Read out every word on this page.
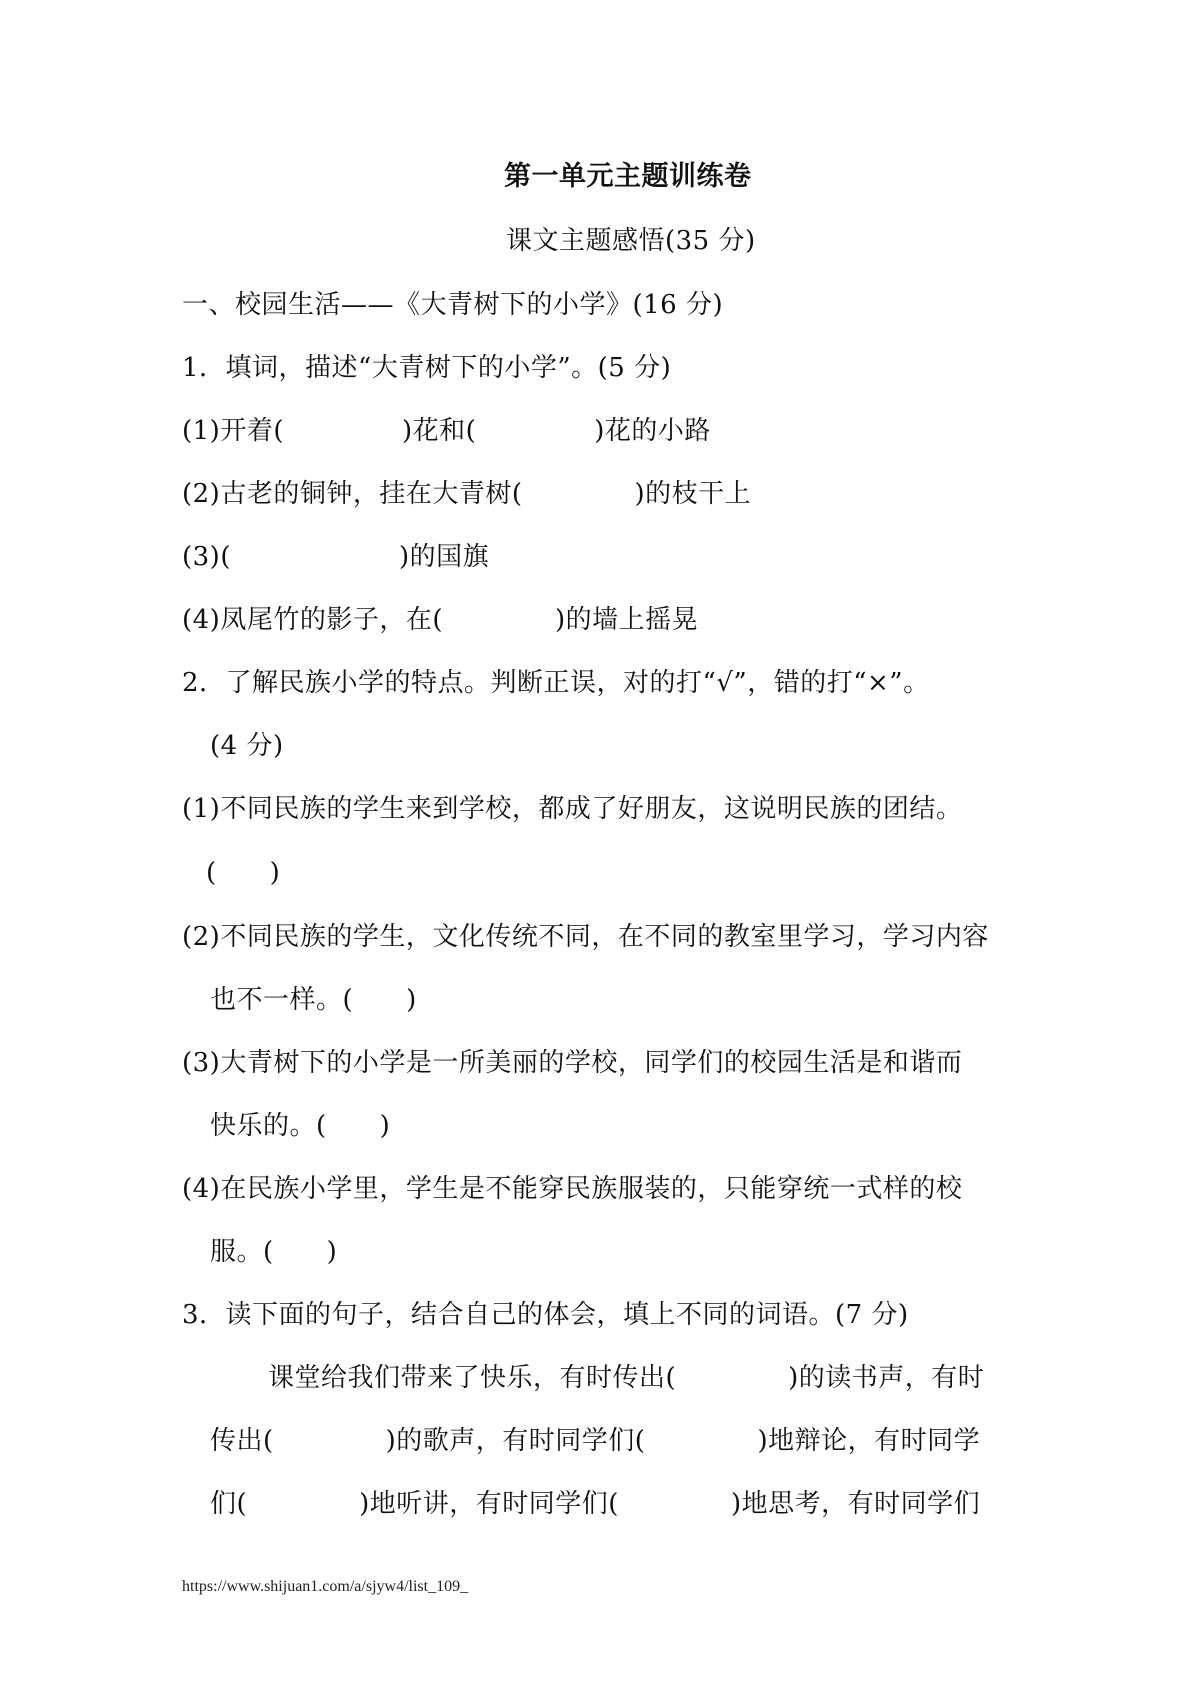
第一单元主题训练卷
课文主题感悟(35 分)
一、校园生活——《大青树下的小学》(16 分)
1．填词，描述“大青树下的小学”。(5 分)
(1)开着(	)花和(	)花的小路
(2)古老的铜钟，挂在大青树(	)的枝干上
(3)(	)的国旗
(4)凤尾竹的影子，在(	)的墙上摇晃
2．了解民族小学的特点。判断正误，对的打“√”，错的打“×”。
(4 分)
(1)不同民族的学生来到学校，都成了好朋友，这说明民族的团结。
(　　)
(2)不同民族的学生，文化传统不同，在不同的教室里学习，学习内容
也不一样。(　　)
(3)大青树下的小学是一所美丽的学校，同学们的校园生活是和谐而
快乐的。(　　)
(4)在民族小学里，学生是不能穿民族服装的，只能穿统一式样的校
服。(　　)
3．读下面的句子，结合自己的体会，填上不同的词语。(7 分)
课堂给我们带来了快乐，有时传出(	)的读书声，有时
传出(	)的歌声，有时同学们(	)地辩论，有时同学
们(	)地听讲，有时同学们(	)地思考，有时同学们
https://www.shijuan1.com/a/sjyw4/list_109_
